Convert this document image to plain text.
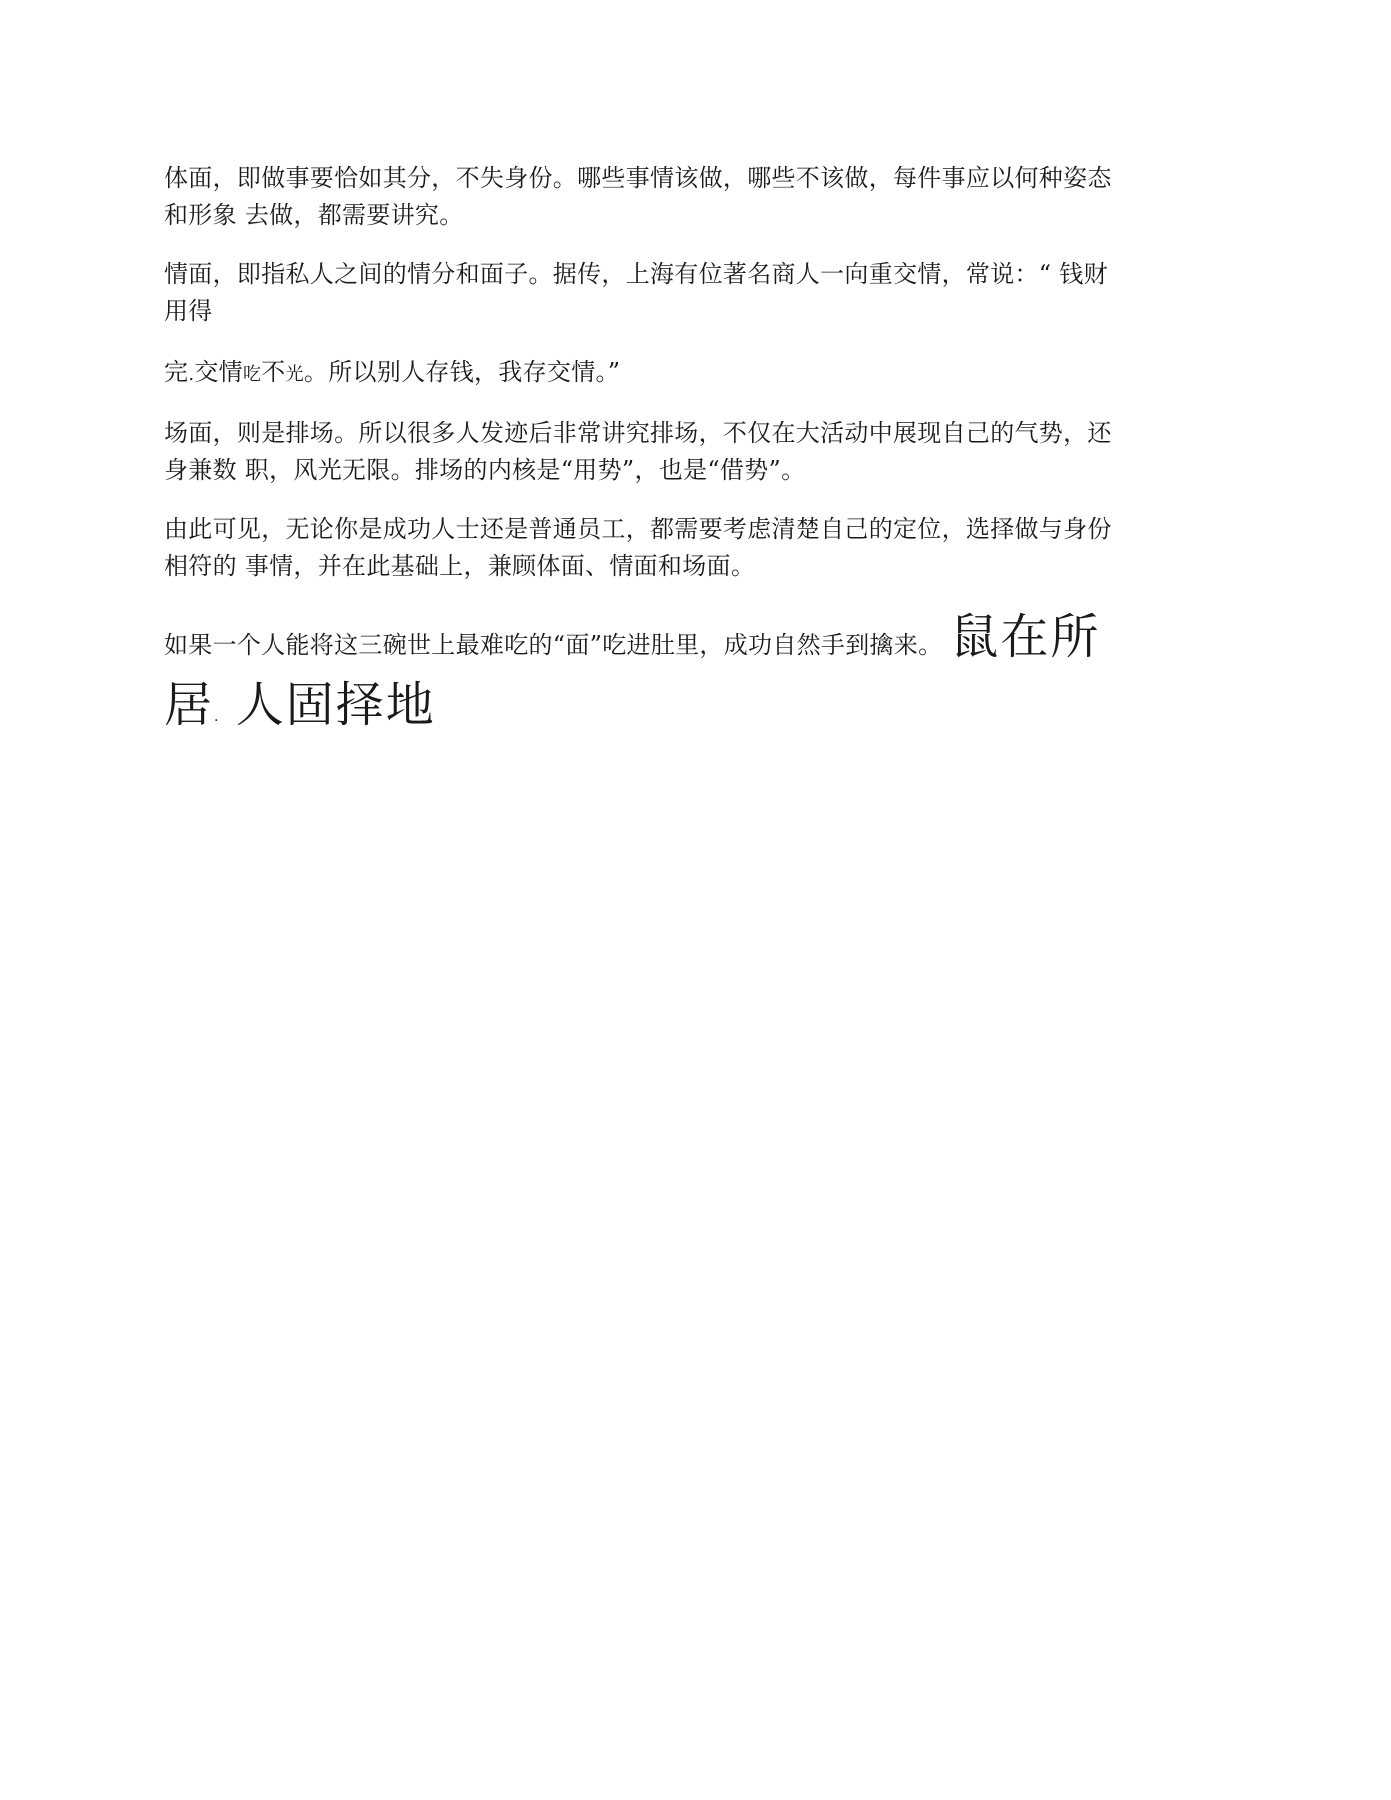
体面，即做事要恰如其分，不失身份。哪些事情该做，哪些不该做，每件事应以何种姿态
和形象 去做，都需要讲究。

情面，即指私人之间的情分和面子。据传，上海有位著名商人一向重交情，常说：“ 钱财
用得

完.交情吃不光。所以别人存钱，我存交情。”

场面，则是排场。所以很多人发迹后非常讲究排场，不仅在大活动中展现自己的气势，还
身兼数 职，风光无限。排场的内核是“用势”，也是“借势”。

由此可见，无论你是成功人士还是普通员工，都需要考虑清楚自己的定位，选择做与身份
相符的 事情，并在此基础上，兼顾体面、情面和场面。

如果一个人能将这三碗世上最难吃的“面”吃进肚里，成功自然手到擒来。 鼠在所
居. 人固择地
